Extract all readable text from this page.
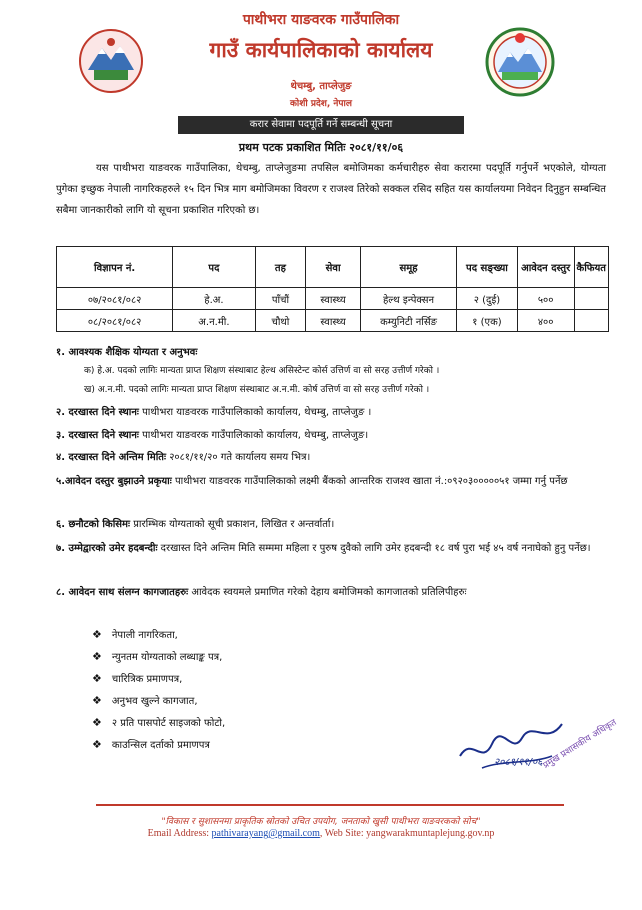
पाथीभरा याङवरक गाउँपालिका
गाउँ कार्यपालिकाको कार्यालय
थेचम्बु, ताप्लेजुङ
कोशी प्रदेश, नेपाल
करार सेवामा पदपूर्ति गर्ने सम्बन्धी सूचना
प्रथम पटक प्रकाशित मितिः २०८१/११/०६
यस पाथीभरा याङवरक गाउँपालिका, थेचम्बु, ताप्लेजुङमा तपसिल बमोजिमका कर्मचारीहरु सेवा करारमा पदपूर्ति गर्नुपर्ने भएकोले, योग्यता पुगेका इच्छुक नेपाली नागरिकहरुले १५ दिन भित्र माग बमोजिमका विवरण र राजश्व तिरेको सक्कल रसिद सहित यस कार्यालयमा निवेदन दिनुहुन सम्बन्धित सबैमा जानकारीको लागि यो सूचना प्रकाशित गरिएको छ।
विज्ञापन नं.	पद	तह	सेवा	समूह	पद सङ्ख्या	आवेदन दस्तुर	कैफियत
०७/२०८१/०८२	हे.अ.	पाँचौं	स्वास्थ्य	हेल्थ इन्पेक्सन	२ (दुई)	५००	
०८/२०८१/०८२	अ.न.मी.	चौथो	स्वास्थ्य	कम्युनिटी नर्सिङ	१ (एक)	४००	
१. आवश्यक शैक्षिक योग्यता र अनुभवः
क) हे.अ. पदको लागिः मान्यता प्राप्त शिक्षण संस्थाबाट हेल्थ असिस्टेन्ट कोर्स उत्तिर्ण वा सो सरह उत्तीर्ण गरेको ।
ख) अ.न.मी. पदको लागिः मान्यता प्राप्त शिक्षण संस्थाबाट अ.न.मी. कोर्ष उत्तिर्ण वा सो सरह उत्तीर्ण गरेको ।
२. दरखास्त दिने स्थानः पाथीभरा याङवरक गाउँपालिकाको कार्यालय, थेचम्बु, ताप्लेजुङ ।
३. दरखास्त दिने स्थानः पाथीभरा याङवरक गाउँपालिकाको कार्यालय, थेचम्बु, ताप्लेजुङ।
४. दरखास्त दिने अन्तिम मितिः २०८१/११/२० गते कार्यालय समय भित्र।
५.आवेदन दस्तुर बुझाउने प्रकृयाः पाथीभरा याङवरक गाउँपालिकाको लक्ष्मी बैंकको आन्तरिक राजश्व खाता नं.:०९२०३०००००५१ जम्मा गर्नु पर्नेछ
६. छनौटको किसिमः प्रारम्भिक योग्यताको सूची प्रकाशन, लिखित र अन्तर्वार्ता।
७. उम्मेद्वारको उमेर हदबन्दीः दरखास्त दिने अन्तिम मिति सम्ममा महिला र पुरुष दुवैको लागि उमेर हदबन्दी १८ वर्ष पुरा भई ४५ वर्ष ननाघेको हुनु पर्नेछ।
८. आवेदन साथ संलग्न कागजातहरुः आवेदक स्वयमले प्रमाणित गरेको देहाय बमोजिमको कागजातको प्रतिलिपीहरुः
❖ नेपाली नागरिकता,
❖ न्युनतम योग्यताको लब्धाङ्क पत्र,
❖ चारित्रिक प्रमाणपत्र,
❖ अनुभव खुल्ने कागजात,
❖ २ प्रति पासपोर्ट साइजको फोटो,
❖ काउन्सिल दर्ताको प्रमाणपत्र
२०८१/११/०६ प्रमुख प्रशासकीय अधिकृत
"विकास र सुशासनमा प्राकृतिक स्रोतको उचित उपयोग, जनताको खुसी पाथीभरा याङवरकको सोच"
Email Address: pathivarayang@gmail.com, Web Site: yangwarakmuntaplejung.gov.np
